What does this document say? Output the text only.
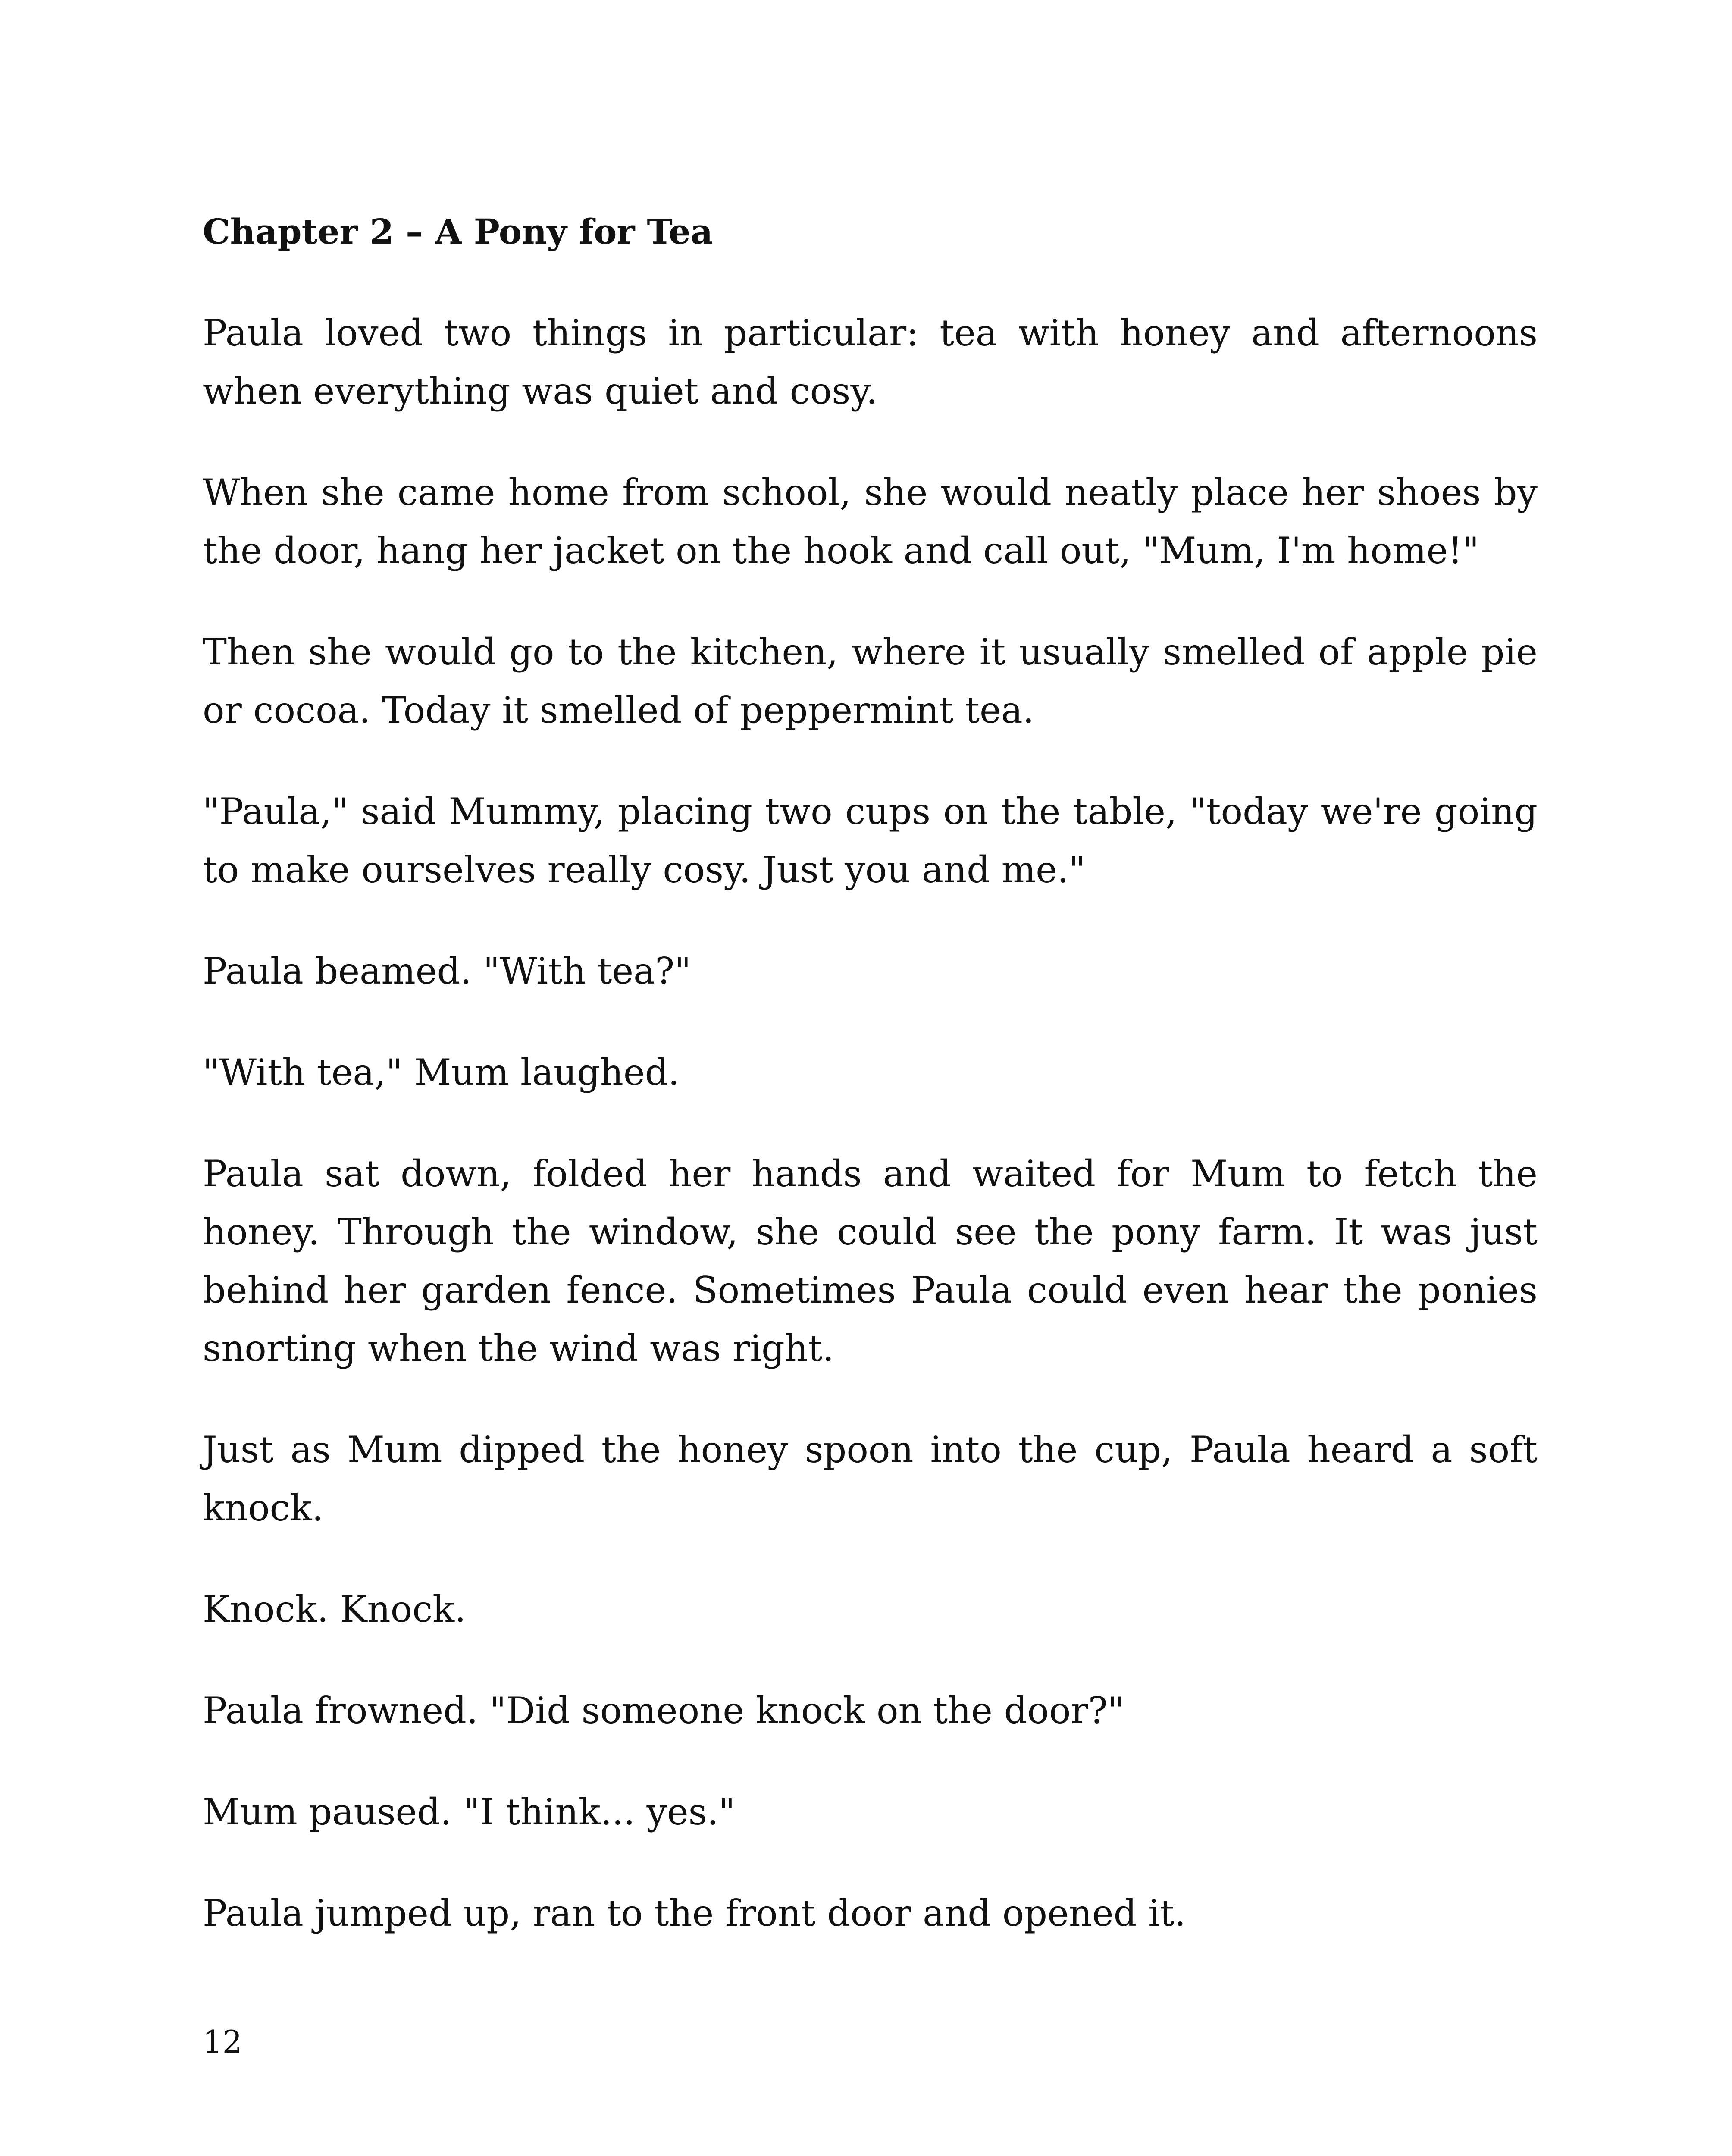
Chapter 2 – A Pony for Tea

Paula loved two things in particular: tea with honey and afternoons when everything was quiet and cosy.

When she came home from school, she would neatly place her shoes by the door, hang her jacket on the hook and call out, "Mum, I'm home!"

Then she would go to the kitchen, where it usually smelled of apple pie or cocoa. Today it smelled of peppermint tea.

"Paula," said Mummy, placing two cups on the table, "today we're going to make ourselves really cosy. Just you and me."

Paula beamed. "With tea?"

"With tea," Mum laughed.

Paula sat down, folded her hands and waited for Mum to fetch the honey. Through the window, she could see the pony farm. It was just behind her garden fence. Sometimes Paula could even hear the ponies snorting when the wind was right.

Just as Mum dipped the honey spoon into the cup, Paula heard a soft knock.

Knock. Knock.

Paula frowned. "Did someone knock on the door?"

Mum paused. "I think... yes."

Paula jumped up, ran to the front door and opened it.

12
